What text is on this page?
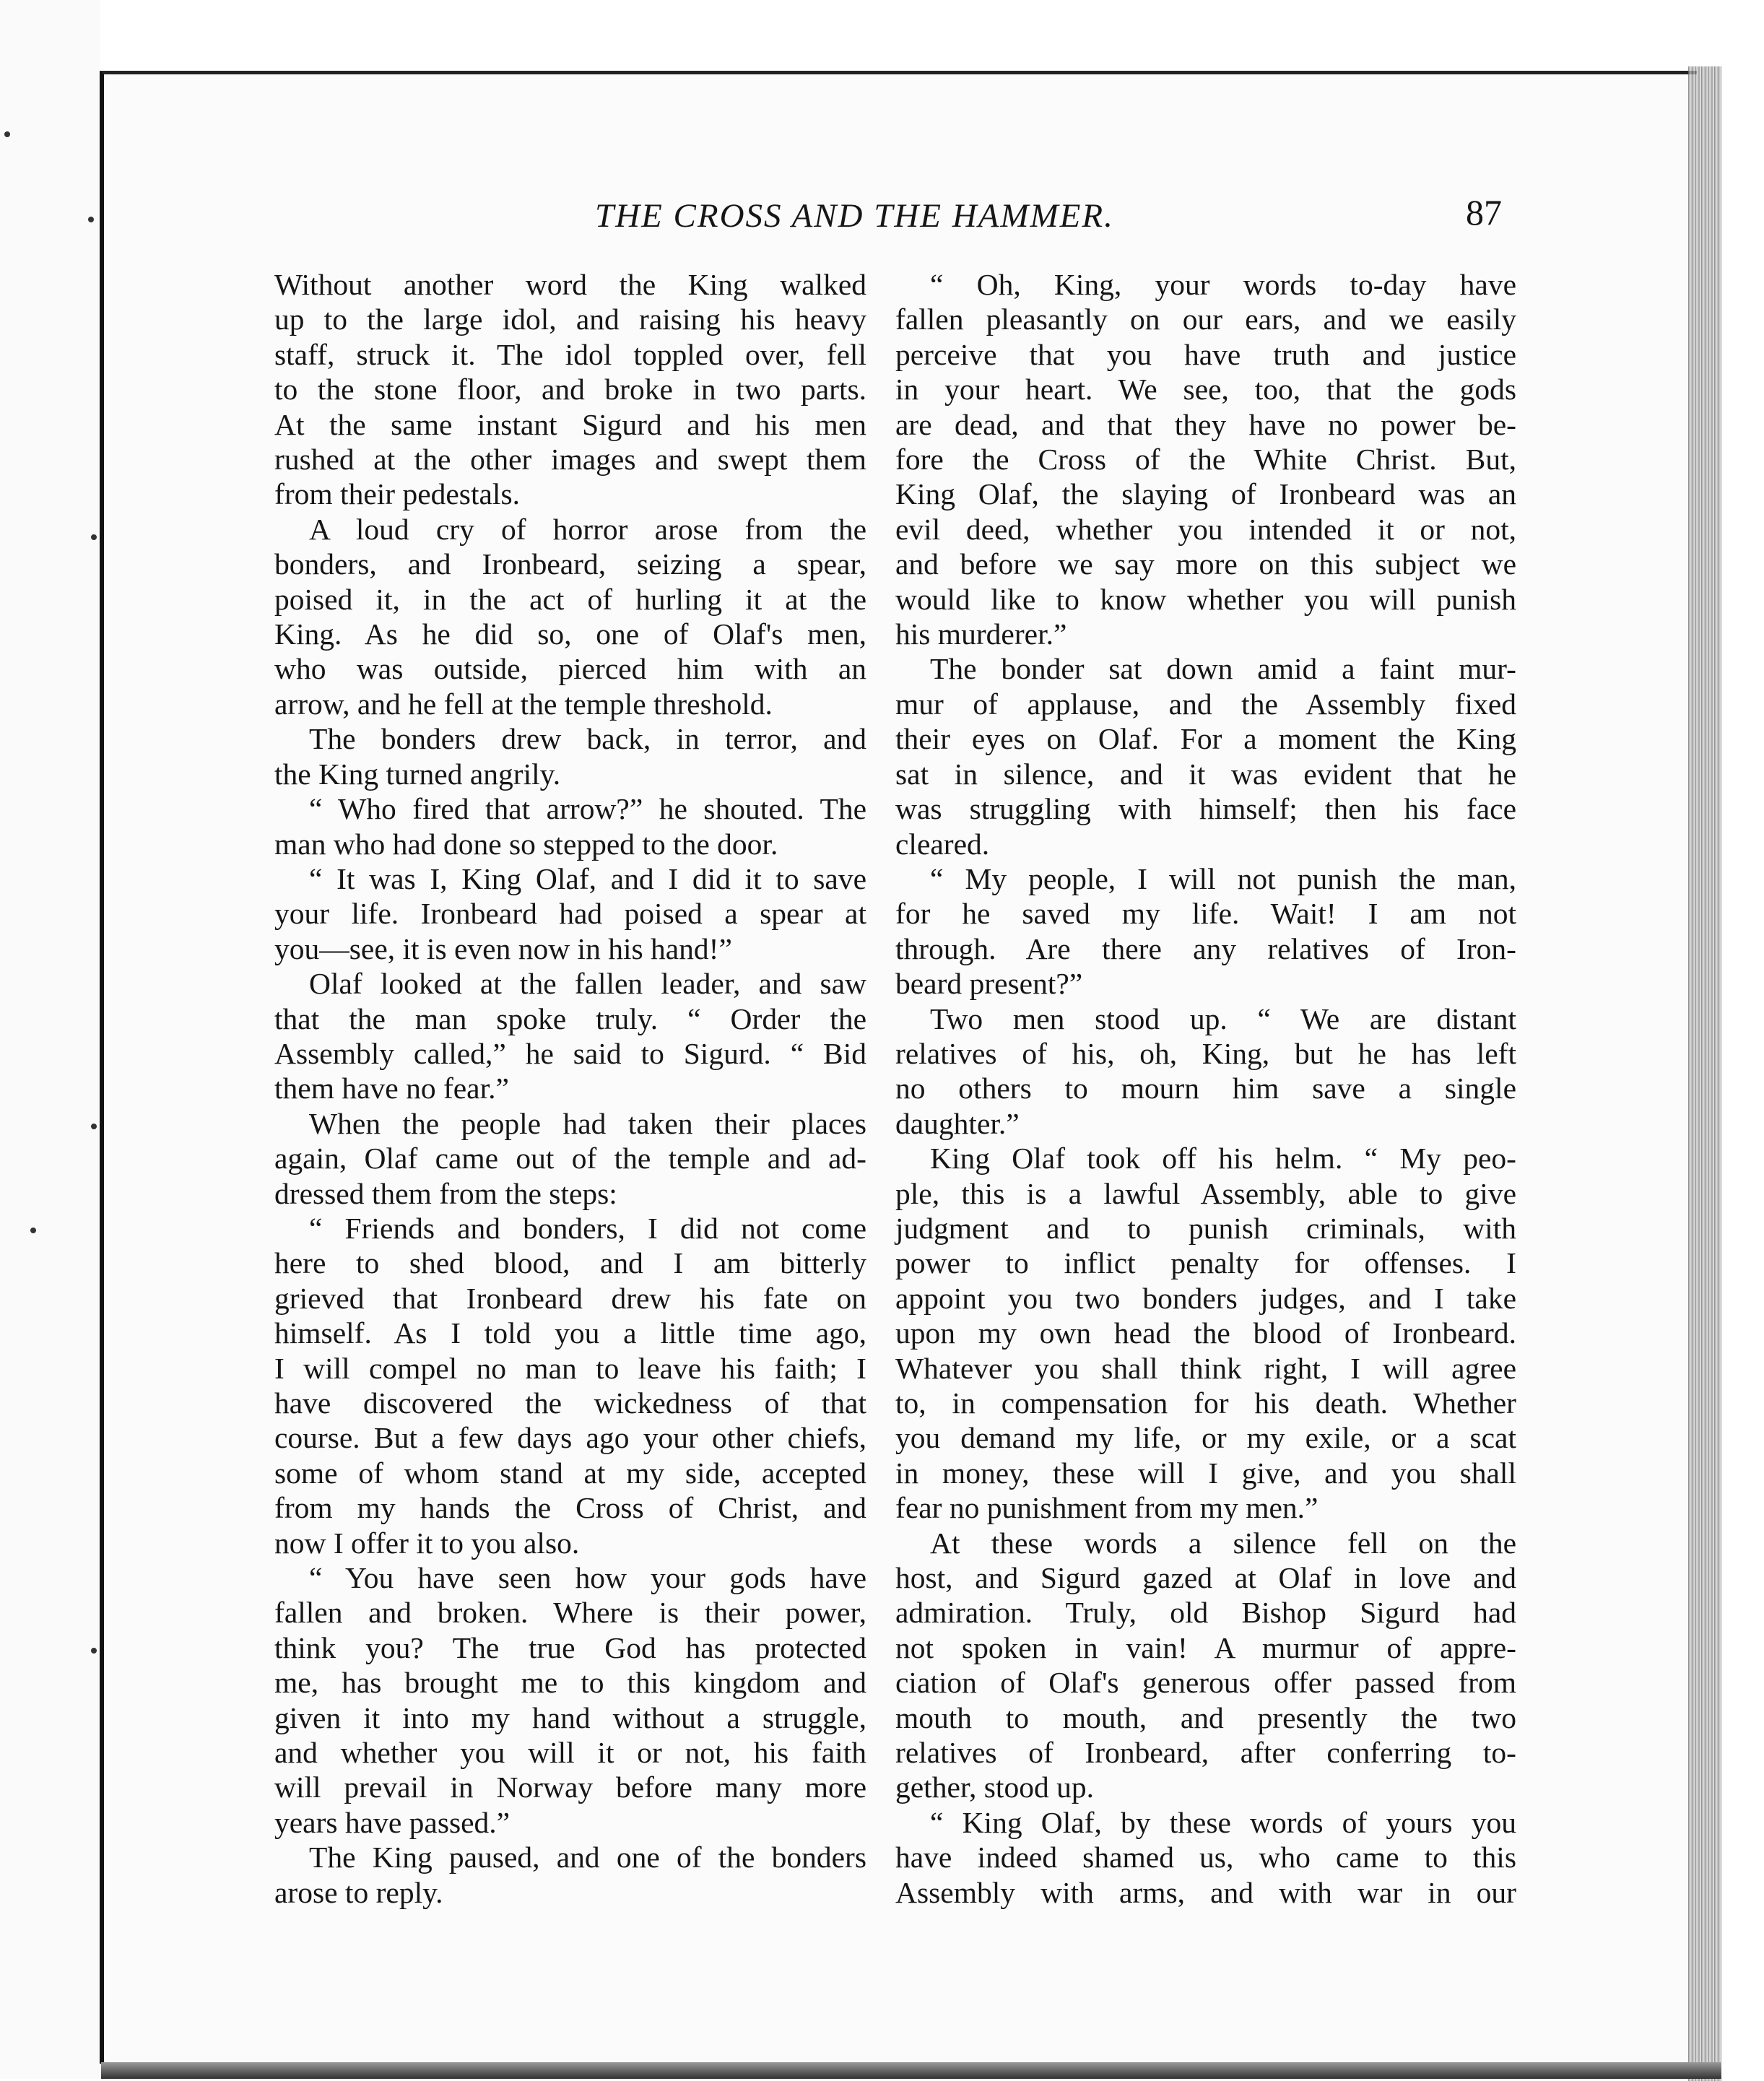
THE CROSS AND THE HAMMER.	87

Without another word the King walked
up to the large idol, and raising his heavy
staff, struck it. The idol toppled over, fell
to the stone floor, and broke in two parts.
At the same instant Sigurd and his men
rushed at the other images and swept them
from their pedestals.

A loud cry of horror arose from the
bonders, and Ironbeard, seizing a spear,
poised it, in the act of hurling it at the
King. As he did so, one of Olaf's men,
who was outside, pierced him with an
arrow, and he fell at the temple threshold.

The bonders drew back, in terror, and
the King turned angrily.

“ Who fired that arrow?” he shouted. The
man who had done so stepped to the door.

“ It was I, King Olaf, and I did it to save
your life. Ironbeard had poised a spear at
you—see, it is even now in his hand!”

Olaf looked at the fallen leader, and saw
that the man spoke truly. “ Order the
Assembly called,” he said to Sigurd. “ Bid
them have no fear.”

When the people had taken their places
again, Olaf came out of the temple and ad-
dressed them from the steps:

“ Friends and bonders, I did not come
here to shed blood, and I am bitterly
grieved that Ironbeard drew his fate on
himself. As I told you a little time ago,
I will compel no man to leave his faith; I
have discovered the wickedness of that
course. But a few days ago your other chiefs,
some of whom stand at my side, accepted
from my hands the Cross of Christ, and
now I offer it to you also.

“ You have seen how your gods have
fallen and broken. Where is their power,
think you? The true God has protected
me, has brought me to this kingdom and
given it into my hand without a struggle,
and whether you will it or not, his faith
will prevail in Norway before many more
years have passed.”

The King paused, and one of the bonders
arose to reply.

“ Oh, King, your words to-day have
fallen pleasantly on our ears, and we easily
perceive that you have truth and justice
in your heart. We see, too, that the gods
are dead, and that they have no power be-
fore the Cross of the White Christ. But,
King Olaf, the slaying of Ironbeard was an
evil deed, whether you intended it or not,
and before we say more on this subject we
would like to know whether you will punish
his murderer.”

The bonder sat down amid a faint mur-
mur of applause, and the Assembly fixed
their eyes on Olaf. For a moment the King
sat in silence, and it was evident that he
was struggling with himself; then his face
cleared.

“ My people, I will not punish the man,
for he saved my life. Wait! I am not
through. Are there any relatives of Iron-
beard present?”

Two men stood up. “ We are distant
relatives of his, oh, King, but he has left
no others to mourn him save a single
daughter.”

King Olaf took off his helm. “ My peo-
ple, this is a lawful Assembly, able to give
judgment and to punish criminals, with
power to inflict penalty for offenses. I
appoint you two bonders judges, and I take
upon my own head the blood of Ironbeard.
Whatever you shall think right, I will agree
to, in compensation for his death. Whether
you demand my life, or my exile, or a scat
in money, these will I give, and you shall
fear no punishment from my men.”

At these words a silence fell on the
host, and Sigurd gazed at Olaf in love and
admiration. Truly, old Bishop Sigurd had
not spoken in vain! A murmur of appre-
ciation of Olaf's generous offer passed from
mouth to mouth, and presently the two
relatives of Ironbeard, after conferring to-
gether, stood up.

“ King Olaf, by these words of yours you
have indeed shamed us, who came to this
Assembly with arms, and with war in our
